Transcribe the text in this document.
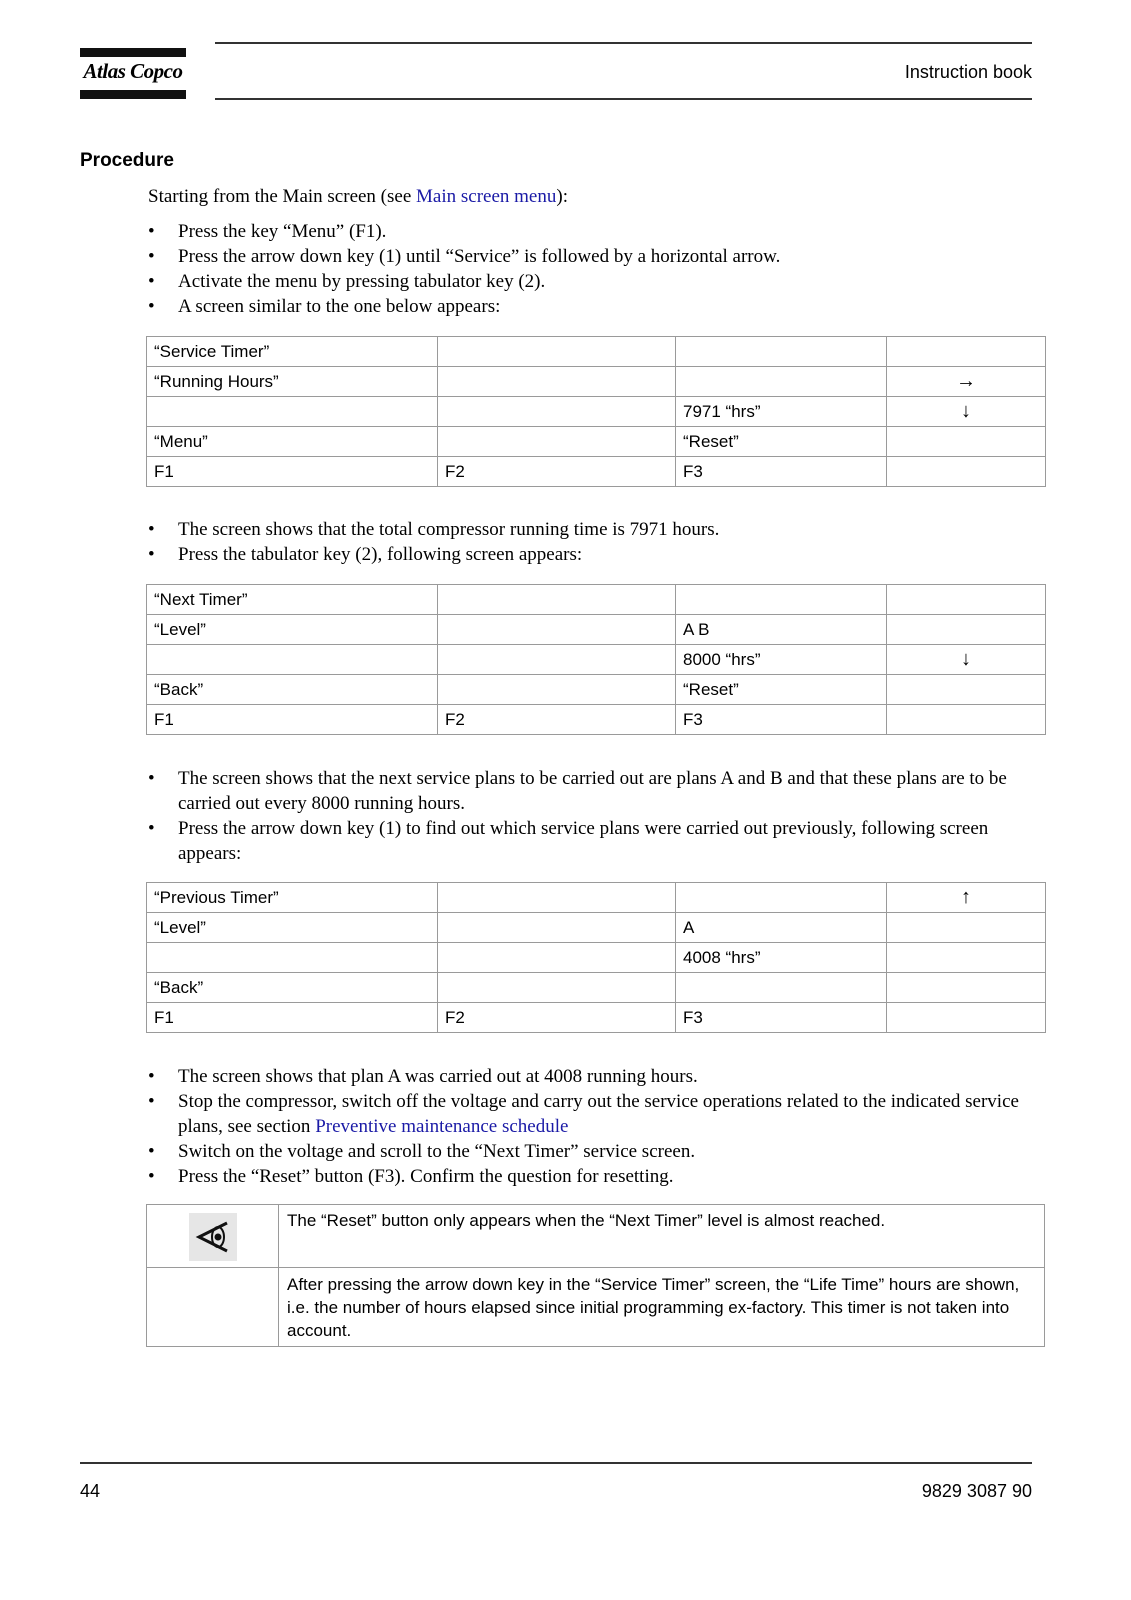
Atlas Copco	Instruction book
Procedure
Starting from the Main screen (see Main screen menu):
• Press the key “Menu” (F1).
• Press the arrow down key (1) until “Service” is followed by a horizontal arrow.
• Activate the menu by pressing tabulator key (2).
• A screen similar to the one below appears:
“Service Timer”			
“Running Hours”			→
		7971 “hrs”	↓
“Menu”		“Reset”	
F1	F2	F3	
• The screen shows that the total compressor running time is 7971 hours.
• Press the tabulator key (2), following screen appears:
“Next Timer”			
“Level”		A B	
		8000 “hrs”	↓
“Back”		“Reset”	
F1	F2	F3	
• The screen shows that the next service plans to be carried out are plans A and B and that these plans are to be carried out every 8000 running hours.
• Press the arrow down key (1) to find out which service plans were carried out previously, following screen appears:
“Previous Timer”			↑
“Level”		A	
		4008 “hrs”	
“Back”			
F1	F2	F3	
• The screen shows that plan A was carried out at 4008 running hours.
• Stop the compressor, switch off the voltage and carry out the service operations related to the indicated service plans, see section Preventive maintenance schedule
• Switch on the voltage and scroll to the “Next Timer” service screen.
• Press the “Reset” button (F3). Confirm the question for resetting.
	The “Reset” button only appears when the “Next Timer” level is almost reached.
	After pressing the arrow down key in the “Service Timer” screen, the “Life Time” hours are shown, i.e. the number of hours elapsed since initial programming ex-factory. This timer is not taken into account.
44	9829 3087 90
